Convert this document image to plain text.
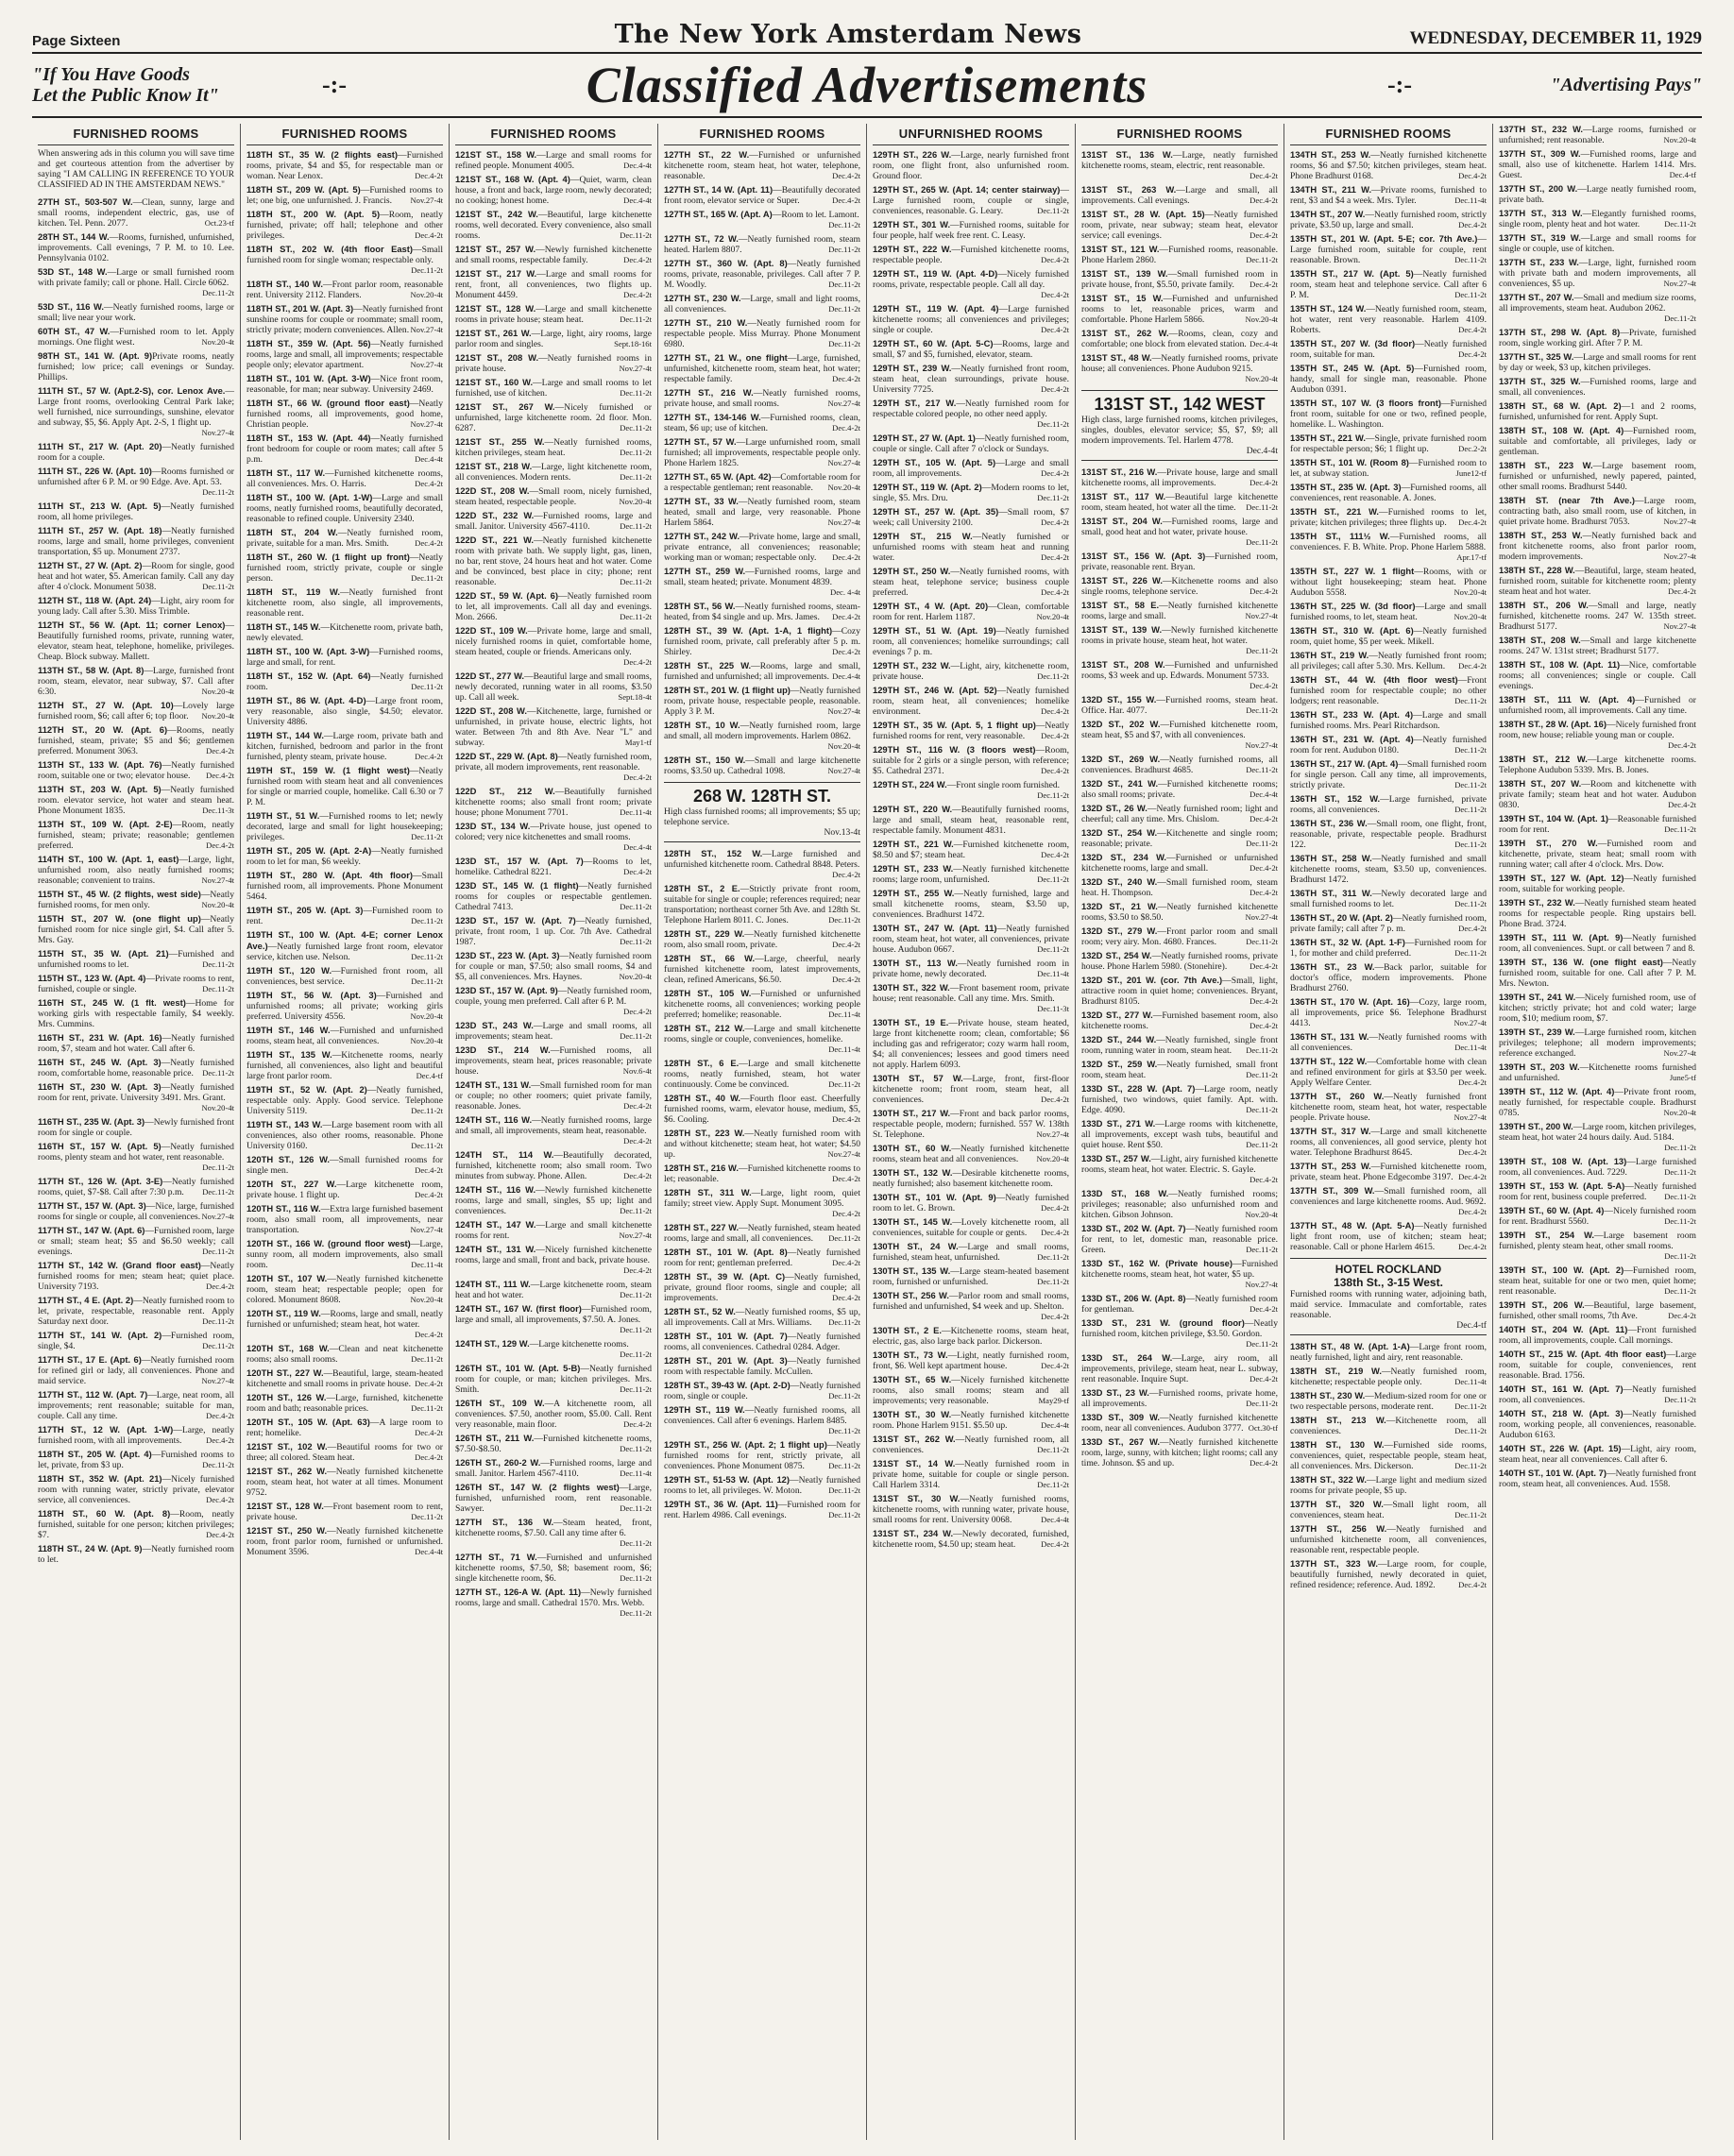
Page Sixteen	The New York Amsterdam News	WEDNESDAY, DECEMBER 11, 1929
"If You Have Goods
Let the Public Know It"	-:-	Classified Advertisements	-:-	"Advertising Pays"
FURNISHED ROOMS
When answering ads in this column you will save time and get courteous attention from the advertiser by saying "I AM CALLING IN REFERENCE TO YOUR CLASSIFIED AD IN THE AMSTERDAM NEWS."

27TH ST., 503-507 W.—Clean, sunny, large and small rooms, independent electric, gas, use of kitchen. Tel. Penn. 2077.	Oct.23-tf

28TH ST., 144 W.—Rooms, furnished, unfurnished, improvements. Call evenings, 7 P. M. to 10. Lee. Pennsylvania 0102.

53D ST., 148 W.—Large or small furnished room with private family; call or phone. Hall. Circle 6062.
Dec.11-2t

53D ST., 116 W.—Neatly furnished rooms, large or small; live near your work.

60TH ST., 47 W.—Furnished room to let. Apply mornings. One flight west.	Nov.20-4t

98TH ST., 141 W. (Apt. 9)Private rooms, neatly furnished; low price; call evenings or Sunday. Phillips.

111TH ST., 57 W. (Apt.2-S), cor. Lenox Ave.—Large front rooms, overlooking Central Park lake; well furnished, nice surroundings, sunshine, elevator and subway, $5, $6. Apply Apt. 2-S, 1 flight up.
Nov.27-4t

111TH ST., 217 W. (Apt. 20)—Neatly furnished room for a couple.

111TH ST., 226 W. (Apt. 10)—Rooms furnished or unfurnished after 6 P. M. or 90 Edge. Ave. Apt. 53.
Dec.11-2t

111TH ST., 213 W. (Apt. 5)—Neatly furnished room, all home privileges.

111TH ST., 257 W. (Apt. 18)—Neatly furnished rooms, large and small, home privileges, convenient transportation, $5 up. Monument 2737.

112TH ST., 27 W. (Apt. 2)—Room for single, good heat and hot water, $5. American family. Call any day after 4 o'clock. Monument 5038.	Dec.11-2t

112TH ST., 118 W. (Apt. 24)—Light, airy room for young lady. Call after 5.30. Miss Trimble.

112TH ST., 56 W. (Apt. 11; corner Lenox)—Beautifully furnished rooms, private, running water, elevator, steam heat, telephone, homelike, privileges. Cheap. Block subway. Mallett.

113TH ST., 58 W. (Apt. 8)—Large, furnished front room, steam, elevator, near subway, $7. Call after 6:30.	Nov.20-4t

112TH ST., 27 W. (Apt. 10)—Lovely large furnished room, $6; call after 6; top floor. Nov.20-4t

112TH ST., 20 W. (Apt. 6)—Rooms, neatly furnished, steam, private; $5 and $6; gentlemen preferred. Monument 3063.	Dec.4-2t

113TH ST., 133 W. (Apt. 76)—Neatly furnished room, suitable one or two; elevator house. Dec.4-2t

113TH ST., 203 W. (Apt. 5)—Neatly furnished room. elevator service, hot water and steam heat. Phone Monument 1835.	Dec.11-3t

113TH ST., 109 W. (Apt. 2-E)—Room, neatly furnished, steam; private; reasonable; gentlemen preferred.	Dec.4-2t

114TH ST., 100 W. (Apt. 1, east)—Large, light, unfurnished room, also neatly furnished rooms; reasonable; convenient to trains.	Nov.27-4t

115TH ST., 45 W. (2 flights, west side)—Neatly furnished rooms, for men only.	Nov.20-4t

115TH ST., 207 W. (one flight up)—Neatly furnished room for nice single girl, $4. Call after 5. Mrs. Gay.

115TH ST., 35 W. (Apt. 21)—Furnished and unfurnished rooms to let.	Dec.11-2t

115TH ST., 123 W. (Apt. 4)—Private rooms to rent, furnished, couple or single.	Dec.11-2t

116TH ST., 245 W. (1 flt. west)—Home for working girls with respectable family, $4 weekly. Mrs. Cummins.

116TH ST., 231 W. (Apt. 16)—Neatly furnished room, $7, steam and hot water. Call after 6.

116TH ST., 245 W. (Apt. 3)—Neatly furnished room, comfortable home, reasonable price. Dec.11-2t

116TH ST., 230 W. (Apt. 3)—Neatly furnished room for rent, private. University 3491. Mrs. Grant.
Nov.20-4t

116TH ST., 235 W. (Apt. 3)—Newly furnished front room for single or couple.

116TH ST., 157 W. (Apt. 5)—Neatly furnished rooms, plenty steam and hot water, rent reasonable.
Dec.11-2t

117TH ST., 126 W. (Apt. 3-E)—Neatly furnished rooms, quiet, $7-$8. Call after 7:30 p.m. Dec.11-2t

117TH ST., 157 W. (Apt. 3)—Nice, large, furnished rooms for single or couple, all conveniences. Nov.27-4t

117TH ST., 147 W. (Apt. 6)—Furnished room, large or small; steam heat; $5 and $6.50 weekly; call evenings.	Dec.11-2t

117TH ST., 142 W. (Grand floor east)—Neatly furnished rooms for men; steam heat; quiet place. University 7193.	Dec.4-2t

117TH ST., 4 E. (Apt. 2)—Neatly furnished room to let, private, respectable, reasonable rent. Apply Saturday next door.	Dec.11-2t

117TH ST., 141 W. (Apt. 2)—Furnished room, single, $4.	Dec.11-2t

117TH ST., 17 E. (Apt. 6)—Neatly furnished room for refined girl or lady, all conveniences. Phone and maid service.	Nov.27-4t

117TH ST., 112 W. (Apt. 7)—Large, neat room, all improvements; rent reasonable; suitable for man, couple. Call any time.	Dec.4-2t

117TH ST., 12 W. (Apt. 1-W)—Large, neatly furnished room, with all improvements.	Dec.4-2t

118TH ST., 205 W. (Apt. 4)—Furnished rooms to let, private, from $3 up.	Dec.11-2t

118TH ST., 352 W. (Apt. 21)—Nicely furnished room with running water, strictly private, elevator service, all conveniences.	Dec.4-2t

118TH ST., 60 W. (Apt. 8)—Room, neatly furnished, suitable for one person; kitchen privileges; $7.	Dec.4-2t

118TH ST., 24 W. (Apt. 9)—Neatly furnished room to let.

FURNISHED ROOMS

118TH ST., 35 W. (2 flights east)—Furnished rooms, private, $4 and $5, for respectable man or woman. Near Lenox.	Dec.4-2t

118TH ST., 209 W. (Apt. 5)—Furnished rooms to let; one big, one unfurnished. J. Francis. Nov.27-4t

118TH ST., 200 W. (Apt. 5)—Room, neatly furnished, private; off hall; telephone and other privileges.	Dec.4-2t

118TH ST., 202 W. (4th floor East)—Small furnished room for single woman; respectable only.
Dec.11-2t

118TH ST., 140 W.—Front parlor room, reasonable rent. University 2112. Flanders.	Nov.20-4t

118TH ST., 201 W. (Apt. 3)—Neatly furnished front sunshine rooms for couple or roommate; small room, strictly private; modern conveniences. Allen. Nov.27-4t

118TH ST., 359 W. (Apt. 56)—Neatly furnished rooms, large and small, all improvements; respectable people only; elevator apartment.	Nov.27-4t

118TH ST., 101 W. (Apt. 3-W)—Nice front room, reasonable, for man; near subway. University 2469.

118TH ST., 66 W. (ground floor east)—Neatly furnished rooms, all improvements, good home, Christian people.	Nov.27-4t

118TH ST., 153 W. (Apt. 44)—Neatly furnished front bedroom for couple or room mates; call after 5 p.m.	Dec.4-4t

118TH ST., 117 W.—Furnished kitchenette rooms, all conveniences. Mrs. O. Harris.	Dec.4-2t

118TH ST., 100 W. (Apt. 1-W)—Large and small rooms, neatly furnished rooms, beautifully decorated, reasonable to refined couple. University 2340.

118TH ST., 204 W.—Neatly furnished room, private, suitable for a man. Mrs. Smith.	Dec.4-2t

118TH ST., 260 W. (1 flight up front)—Neatly furnished room, strictly private, couple or single person.	Dec.11-2t

118TH ST., 119 W.—Neatly furnished front kitchenette room, also single, all improvements, reasonable rent.

118TH ST., 145 W.—Kitchenette room, private bath, newly elevated.

118TH ST., 100 W. (Apt. 3-W)—Furnished rooms, large and small, for rent.

118TH ST., 152 W. (Apt. 64)—Neatly furnished room.	Dec.11-2t

119TH ST., 86 W. (Apt. 4-D)—Large front room, very reasonable, also single, $4.50; elevator. University 4886.

119TH ST., 144 W.—Large room, private bath and kitchen, furnished, bedroom and parlor in the front furnished, plenty steam, private house.	Dec.4-2t

119TH ST., 159 W. (1 flight west)—Neatly furnished room with steam heat and all conveniences for single or married couple, homelike. Call 6.30 or 7 P. M.

119TH ST., 51 W.—Furnished rooms to let; newly decorated, large and small for light housekeeping; privileges.	Dec.11-2t

119TH ST., 205 W. (Apt. 2-A)—Neatly furnished room to let for man, $6 weekly.

119TH ST., 280 W. (Apt. 4th floor)—Small furnished room, all improvements. Phone Monument 5464.

119TH ST., 205 W. (Apt. 3)—Furnished room to rent.	Dec.11-2t

119TH ST., 100 W. (Apt. 4-E; corner Lenox Ave.)—Neatly furnished large front room, elevator service, kitchen use. Nelson.	Dec.11-2t

119TH ST., 120 W.—Furnished front room, all conveniences, best service.	Dec.11-2t

119TH ST., 56 W. (Apt. 3)—Furnished and unfurnished rooms; all private; working girls preferred. University 4556.	Nov.20-4t

119TH ST., 146 W.—Furnished and unfurnished rooms, steam heat, all conveniences.	Nov.20-4t

119TH ST., 135 W.—Kitchenette rooms, nearly furnished, all conveniences, also light and beautiful large front parlor room.	Dec.4-tf

119TH ST., 52 W. (Apt. 2)—Neatly furnished, respectable only. Apply. Good service. Telephone University 5119.	Dec.11-2t

119TH ST., 143 W.—Large basement room with all conveniences, also other rooms, reasonable. Phone University 0160.	Dec.11-2t

120TH ST., 126 W.—Small furnished rooms for single men.	Dec.4-2t

120TH ST., 227 W.—Large kitchenette room, private house. 1 flight up.	Dec.4-2t

120TH ST., 116 W.—Extra large furnished basement room, also small room, all improvements, near transportation.	Nov.27-4t

120TH ST., 166 W. (ground floor west)—Large, sunny room, all modern improvements, also small room.	Dec.11-4t

120TH ST., 107 W.—Neatly furnished kitchenette room, steam heat; respectable people; open for colored. Monument 8608.	Nov.20-4t

120TH ST., 119 W.—Rooms, large and small, neatly furnished or unfurnished; steam heat, hot water.
Dec.4-2t

120TH ST., 168 W.—Clean and neat kitchenette rooms; also small rooms.	Dec.11-2t

120TH ST., 227 W.—Beautiful, large, steam-heated kitchenette and small rooms in private house. Dec.4-2t

120TH ST., 126 W.—Large, furnished, kitchenette room and bath; reasonable prices.	Dec.11-2t

120TH ST., 105 W. (Apt. 63)—A large room to rent; homelike.	Dec.4-2t

121ST ST., 102 W.—Beautiful rooms for two or three; all colored. Steam heat.	Dec.4-2t

121ST ST., 262 W.—Neatly furnished kitchenette room, steam heat, hot water at all times. Monument 9752.

121ST ST., 128 W.—Front basement room to rent, private house.	Dec.11-2t

121ST ST., 250 W.—Neatly furnished kitchenette room, front parlor room, furnished or unfurnished. Monument 3596.	Dec.4-4t

FURNISHED ROOMS

121ST ST., 158 W.—Large and small rooms for refined people. Monument 4005.	Dec.4-4t

121ST ST., 168 W. (Apt. 4)—Quiet, warm, clean house, a front and back, large room, newly decorated; no cooking; honest home.	Dec.4-4t

121ST ST., 242 W.—Beautiful, large kitchenette rooms, well decorated. Every convenience, also small rooms.	Dec.11-2t

121ST ST., 257 W.—Newly furnished kitchenette and small rooms, respectable family.	Dec.4-2t

121ST ST., 217 W.—Large and small rooms for rent, front, all conveniences, two flights up. Monument 4459.	Dec.4-2t

121ST ST., 128 W.—Large and small kitchenette rooms in private house; steam heat.	Dec.11-2t

121ST ST., 261 W.—Large, light, airy rooms, large parlor room and singles.	Sept.18-16t

121ST ST., 208 W.—Neatly furnished rooms in private house.	Nov.27-4t

121ST ST., 160 W.—Large and small rooms to let furnished, use of kitchen.	Dec.11-2t

121ST ST., 267 W.—Nicely furnished or unfurnished, large kitchenette room. 2d floor. Mon. 6287.	Dec.11-2t

121ST ST., 255 W.—Neatly furnished rooms, kitchen privileges, steam heat.	Dec.11-2t

121ST ST., 218 W.—Large, light kitchenette room, all conveniences. Modern rents.	Dec.11-2t

122D ST., 208 W.—Small room, nicely furnished, steam heated, respectable people.	Nov.20-4t

122D ST., 232 W.—Furnished rooms, large and small. Janitor. University 4567-4110.	Dec.11-2t

122D ST., 221 W.—Neatly furnished kitchenette room with private bath. We supply light, gas, linen, no bar, rent stove, 24 hours heat and hot water. Come and be convinced, best place in city; phone; rent reasonable.	Dec.11-2t

122D ST., 59 W. (Apt. 6)—Neatly furnished room to let, all improvements. Call all day and evenings. Mon. 2666.	Dec.11-2t

122D ST., 109 W.—Private home, large and small, nicely furnished rooms in quiet, comfortable home, steam heated, couple or friends. Americans only.
Dec.4-2t

122D ST., 277 W.—Beautiful large and small rooms, newly decorated, running water in all rooms, $3.50 up. Call all week.	Sept.18-4t

122D ST., 208 W.—Kitchenette, large, furnished or unfurnished, in private house, electric lights, hot water. Between 7th and 8th Ave. Near "L" and subway.	May1-tf

122D ST., 229 W. (Apt. 8)—Neatly furnished room, private, all modern improvements, rent reasonable.
Dec.4-2t

122D ST., 212 W.—Beautifully furnished kitchenette rooms; also small front room; private house; phone Monument 7701.	Dec.11-4t

123D ST., 134 W.—Private house, just opened to colored; very nice kitchenettes and small rooms.
Dec.4-4t

123D ST., 157 W. (Apt. 7)—Rooms to let, homelike. Cathedral 8221.	Dec.4-2t

123D ST., 145 W. (1 flight)—Neatly furnished rooms for couples or respectable gentlemen. Cathedral 7413.	Dec.11-2t

123D ST., 157 W. (Apt. 7)—Neatly furnished, private, front room, 1 up. Cor. 7th Ave. Cathedral 1987.	Dec.11-2t

123D ST., 223 W. (Apt. 3)—Neatly furnished room for couple or man, $7.50; also small rooms, $4 and $5, all conveniences. Mrs. Haynes.	Nov.20-4t

123D ST., 157 W. (Apt. 9)—Neatly furnished room, couple, young men preferred. Call after 6 P. M.
Dec.4-2t

123D ST., 243 W.—Large and small rooms, all improvements; steam heat.	Dec.11-2t

123D ST., 214 W.—Furnished rooms, all improvements, steam heat, prices reasonable; private house.	Nov.6-4t

124TH ST., 131 W.—Small furnished room for man or couple; no other roomers; quiet private family, reasonable. Jones.	Dec.4-2t

124TH ST., 116 W.—Neatly furnished rooms, large and small, all improvements, steam heat, reasonable.
Dec.4-2t

124TH ST., 114 W.—Beautifully decorated, furnished, kitchenette room; also small room. Two minutes from subway. Phone. Allen.	Dec.4-2t

124TH ST., 116 W.—Newly furnished kitchenette rooms, large and small, singles, $5 up; light and conveniences.	Dec.11-2t

124TH ST., 147 W.—Large and small kitchenette rooms for rent.	Nov.27-4t

124TH ST., 131 W.—Nicely furnished kitchenette rooms, large and small, front and back, private house.
Dec.4-2t

124TH ST., 111 W.—Large kitchenette room, steam heat and hot water.	Dec.11-2t

124TH ST., 167 W. (first floor)—Furnished room, large and small, all improvements, $7.50. A. Jones.
Dec.11-2t

124TH ST., 129 W.—Large kitchenette rooms.
Dec.11-2t

126TH ST., 101 W. (Apt. 5-B)—Neatly furnished room for couple, or man; kitchen privileges. Mrs. Smith.	Dec.11-2t

126TH ST., 109 W.—A kitchenette room, all conveniences. $7.50, another room, $5.00. Call. Rent very reasonable, main floor.	Dec.4-2t

126TH ST., 211 W.—Furnished kitchenette rooms, $7.50-$8.50.	Dec.11-2t

126TH ST., 260-2 W.—Furnished rooms, large and small. Janitor. Harlem 4567-4110.	Dec.11-4t

126TH ST., 147 W. (2 flights west)—Large, furnished, unfurnished room, rent reasonable. Sawyer.	Dec.11-2t

127TH ST., 136 W.—Steam heated, front, kitchenette rooms, $7.50. Call any time after 6.
Dec.11-2t

127TH ST., 71 W.—Furnished and unfurnished kitchenette rooms, $7.50, $8; basement room, $6; single kitchenette room, $6.	Dec.11-2t

127TH ST., 126-A W. (Apt. 11)—Newly furnished rooms, large and small. Cathedral 1570. Mrs. Webb.
Dec.11-2t

FURNISHED ROOMS

127TH ST., 22 W.—Furnished or unfurnished kitchenette room, steam heat, hot water, telephone, reasonable.	Dec.4-2t

127TH ST., 14 W. (Apt. 11)—Beautifully decorated front room, elevator service or Super.	Dec.4-2t

127TH ST., 165 W. (Apt. A)—Room to let. Lamont.
Dec.11-2t

127TH ST., 72 W.—Neatly furnished room, steam heated. Harlem 8807.	Dec.11-2t

127TH ST., 360 W. (Apt. 8)—Neatly furnished rooms, private, reasonable, privileges. Call after 7 P. M. Woodly.	Dec.11-2t

127TH ST., 230 W.—Large, small and light rooms, all conveniences.	Dec.11-2t

127TH ST., 210 W.—Neatly furnished room for respectable people. Miss Murray. Phone Monument 6980.	Dec.11-2t

127TH ST., 21 W., one flight—Large, furnished, unfurnished, kitchenette room, steam heat, hot water; respectable family.	Dec.4-2t

127TH ST., 216 W.—Neatly furnished rooms, private house, and small rooms.	Nov.27-4t

127TH ST., 134-146 W.—Furnished rooms, clean, steam, $6 up; use of kitchen.	Dec.4-2t

127TH ST., 57 W.—Large unfurnished room, small furnished; all improvements, respectable people only. Phone Harlem 1825.	Nov.27-4t

127TH ST., 65 W. (Apt. 42)—Comfortable room for a respectable gentleman; rent reasonable. Nov.20-4t

127TH ST., 33 W.—Neatly furnished room, steam heated, small and large, very reasonable. Phone Harlem 5864.	Nov.27-4t

127TH ST., 242 W.—Private home, large and small, private entrance, all conveniences; reasonable; working man or woman; respectable only. Dec.4-2t

127TH ST., 259 W.—Furnished rooms, large and small, steam heated; private. Monument 4839.
Dec. 4-4t

128TH ST., 56 W.—Neatly furnished rooms, steam-heated, from $4 single and up. Mrs. James. Dec.4-2t

128TH ST., 39 W. (Apt. 1-A, 1 flight)—Cozy furnished room, private, call preferably after 5 p. m. Shirley.	Dec.4-2t

128TH ST., 225 W.—Rooms, large and small, furnished and unfurnished; all improvements. Dec.4-4t

128TH ST., 201 W. (1 flight up)—Neatly furnished room, private house, respectable people, reasonable. Apply 3 P. M.	Nov.27-4t

128TH ST., 10 W.—Neatly furnished room, large and small, all modern improvements. Harlem 0862.
Nov.20-4t

128TH ST., 150 W.—Small and large kitchenette rooms, $3.50 up. Cathedral 1098.	Nov.27-4t

268 W. 128TH ST.
High class furnished rooms; all improvements; $5 up; telephone service.
Nov.13-4t

128TH ST., 152 W.—Large furnished and unfurnished kitchenette room. Cathedral 8848. Peters.
Dec.4-2t

128TH ST., 2 E.—Strictly private front room, suitable for single or couple; references required; near transportation; northeast corner 5th Ave. and 128th St. Telephone Harlem 8011. C. Jones.	Dec.11-2t

128TH ST., 229 W.—Neatly furnished kitchenette room, also small room, private.	Dec.4-2t

128TH ST., 66 W.—Large, cheerful, nearly furnished kitchenette room, latest improvements, clean, refined Americans, $6.50.	Dec.4-2t

128TH ST., 105 W.—Furnished or unfurnished kitchenette rooms, all conveniences; working people preferred; homelike; reasonable.	Dec.11-4t

128TH ST., 212 W.—Large and small kitchenette rooms, single or couple, conveniences, homelike.
Dec.11-4t

128TH ST., 6 E.—Large and small kitchenette rooms, neatly furnished, steam, hot water continuously. Come be convinced.	Dec.11-2t

128TH ST., 40 W.—Fourth floor east. Cheerfully furnished rooms, warm, elevator house, medium, $5, $6. Cooling.	Dec.4-2t

128TH ST., 223 W.—Neatly furnished room with and without kitchenette; steam heat, hot water; $4.50 up.	Nov.27-4t

128TH ST., 216 W.—Furnished kitchenette rooms to let; reasonable.	Dec.4-2t

128TH ST., 311 W.—Large, light room, quiet family; street view. Apply Supt. Monument 3095.
Dec.4-2t

128TH ST., 227 W.—Neatly furnished, steam heated rooms, large and small, all conveniences. Dec.11-2t

128TH ST., 101 W. (Apt. 8)—Neatly furnished room for rent; gentleman preferred.	Dec.4-2t

128TH ST., 39 W. (Apt. C)—Neatly furnished, private, ground floor rooms, single and couple; all improvements.	Dec.4-2t

128TH ST., 52 W.—Neatly furnished rooms, $5 up, all improvements. Call at Mrs. Williams. Dec.11-2t

128TH ST., 101 W. (Apt. 7)—Neatly furnished rooms, all conveniences. Cathedral 0284. Adger.

128TH ST., 201 W. (Apt. 3)—Neatly furnished room with respectable family. McCullen.

128TH ST., 39-43 W. (Apt. 2-D)—Neatly furnished room, single or couple.	Dec.11-2t

129TH ST., 119 W.—Neatly furnished rooms, all conveniences. Call after 6 evenings. Harlem 8485.
Dec.11-2t

129TH ST., 256 W. (Apt. 2; 1 flight up)—Neatly furnished rooms for rent, strictly private, all conveniences. Phone Monument 0875.	Dec.11-2t

129TH ST., 51-53 W. (Apt. 12)—Neatly furnished rooms to let, all privileges. W. Moton.	Dec.11-2t

129TH ST., 36 W. (Apt. 11)—Furnished room for rent. Harlem 4986. Call evenings.	Dec.11-2t

UNFURNISHED ROOMS

129TH ST., 226 W.—Large, nearly furnished front room, one flight front, also unfurnished room. Ground floor.

129TH ST., 265 W. (Apt. 14; center stairway)—Large furnished room, couple or single, conveniences, reasonable. G. Leary.	Dec.11-2t

129TH ST., 301 W.—Furnished rooms, suitable for four people, half week free rent. C. Leasy.

129TH ST., 222 W.—Furnished kitchenette rooms, respectable people.	Dec.4-2t

129TH ST., 119 W. (Apt. 4-D)—Nicely furnished rooms, private, respectable people. Call all day.
Dec.4-2t

129TH ST., 119 W. (Apt. 4)—Large furnished kitchenette rooms; all conveniences and privileges; single or couple.	Dec.4-2t

129TH ST., 60 W. (Apt. 5-C)—Rooms, large and small, $7 and $5, furnished, elevator, steam.

129TH ST., 239 W.—Neatly furnished front room, steam heat, clean surroundings, private house. University 7725.	Dec.4-2t

129TH ST., 217 W.—Neatly furnished room for respectable colored people, no other need apply.
Dec.11-2t

129TH ST., 27 W. (Apt. 1)—Neatly furnished room, couple or single. Call after 7 o'clock or Sundays.

129TH ST., 105 W. (Apt. 5)—Large and small room, all improvements.	Dec.4-2t

129TH ST., 119 W. (Apt. 2)—Modern rooms to let, single, $5. Mrs. Dru.	Dec.11-2t

129TH ST., 257 W. (Apt. 35)—Small room, $7 week; call University 2100.	Dec.4-2t

129TH ST., 215 W.—Neatly furnished or unfurnished rooms with steam heat and running water.	Dec.4-2t

129TH ST., 250 W.—Neatly furnished rooms, with steam heat, telephone service; business couple preferred.	Dec.4-2t

129TH ST., 4 W. (Apt. 20)—Clean, comfortable room for rent. Harlem 1187.	Nov.20-4t

129TH ST., 51 W. (Apt. 19)—Neatly furnished room, all conveniences; homelike surroundings; call evenings 7 p. m.

129TH ST., 232 W.—Light, airy, kitchenette room, private house.	Dec.11-2t

129TH ST., 246 W. (Apt. 52)—Neatly furnished room, steam heat, all conveniences; homelike environment.	Dec.4-2t

129TH ST., 35 W. (Apt. 5, 1 flight up)—Neatly furnished rooms for rent, very reasonable. Dec.4-2t

129TH ST., 116 W. (3 floors west)—Room, suitable for 2 girls or a single person, with reference; $5. Cathedral 2371.	Dec.4-2t

129TH ST., 224 W.—Front single room furnished.
Dec.11-2t

129TH ST., 220 W.—Beautifully furnished rooms, large and small, steam heat, reasonable rent, respectable family. Monument 4831.

129TH ST., 221 W.—Furnished kitchenette room, $8.50 and $7; steam heat.	Dec.4-2t

129TH ST., 233 W.—Neatly furnished kitchenette rooms; large room, unfurnished.	Dec.11-2t

129TH ST., 255 W.—Neatly furnished, large and small kitchenette rooms, steam, $3.50 up, conveniences. Bradhurst 1472.

130TH ST., 247 W. (Apt. 11)—Neatly furnished room, steam heat, hot water, all conveniences, private house. Audubon 0667.	Dec.11-2t

130TH ST., 113 W.—Neatly furnished room in private home, newly decorated.	Dec.11-4t

130TH ST., 322 W.—Front basement room, private house; rent reasonable. Call any time. Mrs. Smith.
Dec.11-3t

130TH ST., 19 E.—Private house, steam heated, large front kitchenette room; clean, comfortable; $6 including gas and refrigerator; cozy warm hall room, $4; all conveniences; lessees and good timers need not apply. Harlem 6093.

130TH ST., 57 W.—Large, front, first-floor kitchenette room; front room, steam heat, all conveniences.	Dec.4-2t

130TH ST., 217 W.—Front and back parlor rooms, respectable people, modern; furnished. 557 W. 138th St. Telephone.	Nov.27-4t

130TH ST., 60 W.—Neatly furnished kitchenette rooms, steam heat and all conveniences. Nov.20-4t

130TH ST., 132 W.—Desirable kitchenette rooms, neatly furnished; also basement kitchenette room.

130TH ST., 101 W. (Apt. 9)—Neatly furnished room to let. G. Brown.	Dec.4-2t

130TH ST., 145 W.—Lovely kitchenette room, all conveniences, suitable for couple or gents. Dec.4-2t

130TH ST., 24 W.—Large and small rooms, furnished, steam heat, unfurnished.	Dec.11-2t

130TH ST., 135 W.—Large steam-heated basement room, furnished or unfurnished.	Dec.11-2t

130TH ST., 256 W.—Parlor room and small rooms, furnished and unfurnished, $4 week and up. Shelton.
Dec.4-2t

130TH ST., 2 E.—Kitchenette rooms, steam heat, electric, gas, also large back parlor. Dickerson.

130TH ST., 73 W.—Light, neatly furnished room, front, $6. Well kept apartment house.	Dec.4-2t

130TH ST., 65 W.—Nicely furnished kitchenette rooms, also small rooms; steam and all improvements; very reasonable.	May29-tf

130TH ST., 30 W.—Neatly furnished kitchenette room. Phone Harlem 9151. $5.50 up.	Dec.4-4t

131ST ST., 262 W.—Neatly furnished room, all conveniences.	Dec.11-2t

131ST ST., 14 W.—Neatly furnished room in private home, suitable for couple or single person. Call Harlem 3314.	Dec.11-2t

131ST ST., 30 W.—Neatly furnished rooms, kitchenette rooms, with running water, private house, small rooms for rent. University 0068.	Dec.4-4t

131ST ST., 234 W.—Newly decorated, furnished, kitchenette room, $4.50 up; steam heat.	Dec.4-2t

FURNISHED ROOMS

131ST ST., 136 W.—Large, neatly furnished kitchenette rooms, steam, electric, rent reasonable.
Dec.4-2t

131ST ST., 263 W.—Large and small, all improvements. Call evenings.	Dec.4-2t

131ST ST., 28 W. (Apt. 15)—Neatly furnished room, private, near subway; steam heat, elevator service; call evenings.	Dec.4-2t

131ST ST., 121 W.—Furnished rooms, reasonable. Phone Harlem 2860.	Dec.11-2t

131ST ST., 139 W.—Small furnished room in private house, front, $5.50, private family. Dec.4-2t

131ST ST., 15 W.—Furnished and unfurnished rooms to let, reasonable prices, warm and comfortable. Phone Harlem 5866.	Nov.20-4t

131ST ST., 262 W.—Rooms, clean, cozy and comfortable; one block from elevated station. Dec.4-4t

131ST ST., 48 W.—Neatly furnished rooms, private house; all conveniences. Phone Audubon 9215.
Nov.20-4t

131ST ST., 142 WEST
High class, large furnished rooms, kitchen privileges, singles, doubles, elevator service; $5, $7, $9; all modern improvements. Tel. Harlem 4778.
Dec.4-4t

131ST ST., 216 W.—Private house, large and small kitchenette rooms, all improvements.	Dec.4-2t

131ST ST., 117 W.—Beautiful large kitchenette room, steam heated, hot water all the time. Dec.11-2t

131ST ST., 204 W.—Furnished rooms, large and small, good heat and hot water, private house.
Dec.11-2t

131ST ST., 156 W. (Apt. 3)—Furnished room, private, reasonable rent. Bryan.

131ST ST., 226 W.—Kitchenette rooms and also single rooms, telephone service.	Dec.4-2t

131ST ST., 58 E.—Neatly furnished kitchenette rooms, large and small.	Nov.27-4t

131ST ST., 139 W.—Newly furnished kitchenette rooms in private house, steam heat, hot water.
Dec.11-2t

131ST ST., 208 W.—Furnished and unfurnished rooms, $3 week and up. Edwards. Monument 5733.
Dec.4-2t

132D ST., 155 W.—Furnished rooms, steam heat. Office. Har. 4077.	Dec.11-2t

132D ST., 202 W.—Furnished kitchenette room, steam heat, $5 and $7, with all conveniences.
Nov.27-4t

132D ST., 269 W.—Neatly furnished rooms, all conveniences. Bradhurst 4685.	Dec.11-2t

132D ST., 241 W.—Furnished kitchenette rooms; also small rooms; private.	Dec.4-4t

132D ST., 26 W.—Neatly furnished room; light and cheerful; call any time. Mrs. Chislom.	Dec.4-2t

132D ST., 254 W.—Kitchenette and single room; reasonable; private.	Dec.11-2t

132D ST., 234 W.—Furnished or unfurnished kitchenette rooms, large and small.	Dec.4-2t

132D ST., 240 W.—Small furnished room, steam heat. H. Thompson.	Dec.4-2t

132D ST., 21 W.—Neatly furnished kitchenette rooms, $3.50 to $8.50.	Nov.27-4t

132D ST., 279 W.—Front parlor room and small room; very airy. Mon. 4680. Frances.	Dec.11-2t

132D ST., 254 W.—Neatly furnished rooms, private house. Phone Harlem 5980. (Stonehire).	Dec.4-2t

132D ST., 201 W. (cor. 7th Ave.)—Small, light, attractive room in quiet home; conveniences. Bryant, Bradhurst 8105.	Dec.4-2t

132D ST., 277 W.—Furnished basement room, also kitchenette rooms.	Dec.4-2t

132D ST., 244 W.—Neatly furnished, single front room, running water in room, steam heat. Dec.11-2t

132D ST., 259 W.—Neatly furnished, small front room, steam heat.	Dec.11-2t

133D ST., 228 W. (Apt. 7)—Large room, neatly furnished, two windows, quiet family. Apt. with. Edge. 4090.	Dec.11-2t

133D ST., 271 W.—Large rooms with kitchenette, all improvements, except wash tubs, beautiful and quiet house. Rent $50.	Dec.11-2t

133D ST., 257 W.—Light, airy furnished kitchenette rooms, steam heat, hot water. Electric. S. Gayle.
Dec.4-2t

133D ST., 168 W.—Neatly furnished rooms; privileges; reasonable; also unfurnished room and kitchen. Gibson Johnson.	Nov.20-4t

133D ST., 202 W. (Apt. 7)—Neatly furnished room for rent, to let, domestic man, reasonable price. Green.	Dec.11-2t

133D ST., 162 W. (Private house)—Furnished kitchenette rooms, steam heat, hot water, $5 up.
Nov.27-4t

133D ST., 206 W. (Apt. 8)—Neatly furnished room for gentleman.	Dec.4-2t

133D ST., 231 W. (ground floor)—Neatly furnished room, kitchen privilege, $3.50. Gordon.
Dec.11-2t

133D ST., 264 W.—Large, airy room, all improvements, privilege, steam heat, near L. subway, rent reasonable. Inquire Supt.	Dec.4-2t

133D ST., 23 W.—Furnished rooms, private home, all improvements.	Dec.11-2t

133D ST., 309 W.—Neatly furnished kitchenette room, near all conveniences. Audubon 3777. Oct.30-tf

133D ST., 267 W.—Neatly furnished kitchenette room, large, sunny, with kitchen; light rooms; call any time. Johnson. $5 and up.	Dec.4-2t

FURNISHED ROOMS

134TH ST., 253 W.—Neatly furnished kitchenette rooms, $6 and $7.50; kitchen privileges, steam heat. Phone Bradhurst 0168.	Dec.4-2t

134TH ST., 211 W.—Private rooms, furnished to rent, $3 and $4 a week. Mrs. Tyler.	Dec.11-4t

134TH ST., 207 W.—Neatly furnished room, strictly private, $3.50 up, large and small.	Dec.4-2t

135TH ST., 201 W. (Apt. 5-E; cor. 7th Ave.)—Large furnished room, suitable for couple, rent reasonable. Brown.	Dec.11-2t

135TH ST., 217 W. (Apt. 5)—Neatly furnished room, steam heat and telephone service. Call after 6 P. M.	Dec.11-2t

135TH ST., 124 W.—Neatly furnished room, steam, hot water, rent very reasonable. Harlem 4109. Roberts.	Dec.4-2t

135TH ST., 207 W. (3d floor)—Neatly furnished room, suitable for man.	Dec.4-2t

135TH ST., 245 W. (Apt. 5)—Furnished room, handy, small for single man, reasonable. Phone Audubon 0391.

135TH ST., 107 W. (3 floors front)—Furnished front room, suitable for one or two, refined people, homelike. L. Washington.

135TH ST., 221 W.—Single, private furnished room for respectable person; $6; 1 flight up.	Dec.2-2t

135TH ST., 101 W. (Room 8)—Furnished room to let, at subway station.	June12-tf

135TH ST., 235 W. (Apt. 3)—Furnished rooms, all conveniences, rent reasonable. A. Jones.

135TH ST., 221 W.—Furnished rooms to let, private; kitchen privileges; three flights up. Dec.4-2t

135TH ST., 111½ W.—Furnished rooms, all conveniences. F. B. White. Prop. Phone Harlem 5888.
Apr.17-tf

135TH ST., 227 W. 1 flight—Rooms, with or without light housekeeping; steam heat. Phone Audubon 5558.	Nov.20-4t

136TH ST., 225 W. (3d floor)—Large and small furnished rooms, to let, steam heat.	Nov.20-4t

136TH ST., 310 W. (Apt. 6)—Neatly furnished room, quiet home, $5 per week. Mikell.

136TH ST., 219 W.—Neatly furnished front room; all privileges; call after 5.30. Mrs. Kellum. Dec.4-2t

136TH ST., 44 W. (4th floor west)—Front furnished room for respectable couple; no other lodgers; rent reasonable.	Dec.11-2t

136TH ST., 233 W. (Apt. 4)—Large and small furnished rooms. Mrs. Pearl Ritchardson.

136TH ST., 231 W. (Apt. 4)—Neatly furnished room for rent. Audubon 0180.	Dec.11-2t

136TH ST., 217 W. (Apt. 4)—Small furnished room for single person. Call any time, all improvements, strictly private.	Dec.11-2t

136TH ST., 152 W.—Large furnished, private rooms, all conveniences.	Dec.11-2t

136TH ST., 236 W.—Small room, one flight, front, reasonable, private, respectable people. Bradhurst 122.	Dec.11-2t

136TH ST., 258 W.—Neatly furnished and small kitchenette rooms, steam, $3.50 up, conveniences. Bradhurst 1472.

136TH ST., 311 W.—Newly decorated large and small furnished rooms to let.	Dec.11-2t

136TH ST., 20 W. (Apt. 2)—Neatly furnished room, private family; call after 7 p. m.	Dec.4-2t

136TH ST., 32 W. (Apt. 1-F)—Furnished room for 1, for mother and child preferred.	Dec.11-2t

136TH ST., 23 W.—Back parlor, suitable for doctor's office, modern improvements. Phone Bradhurst 2760.

136TH ST., 170 W. (Apt. 16)—Cozy, large room, all improvements, price $6. Telephone Bradhurst 4413.	Nov.27-4t

136TH ST., 131 W.—Neatly furnished rooms with all conveniences.	Dec.11-4t

137TH ST., 122 W.—Comfortable home with clean and refined environment for girls at $3.50 per week. Apply Welfare Center.	Dec.4-2t

137TH ST., 260 W.—Neatly furnished front kitchenette room, steam heat, hot water, respectable people. Private house.	Nov.27-4t

137TH ST., 317 W.—Large and small kitchenette rooms, all conveniences, all good service, plenty hot water. Telephone Bradhurst 8645.	Dec.4-2t

137TH ST., 253 W.—Furnished kitchenette room, private, steam heat. Phone Edgecombe 3197. Dec.4-2t

137TH ST., 309 W.—Small furnished room, all conveniences and large kitchenette rooms. Aud. 9692.
Dec.4-2t

137TH ST., 48 W. (Apt. 5-A)—Neatly furnished light front room, use of kitchen; steam heat; reasonable. Call or phone Harlem 4615.	Dec.4-2t

HOTEL ROCKLAND
138th St., 3-15 West.
Furnished rooms with running water, adjoining bath, maid service. Immaculate and comfortable, rates reasonable.
Dec.4-tf

138TH ST., 48 W. (Apt. 1-A)—Large front room, neatly furnished, light and airy, rent reasonable.

138TH ST., 219 W.—Neatly furnished room, kitchenette; respectable people only.	Dec.11-4t

138TH ST., 230 W.—Medium-sized room for one or two respectable persons, moderate rent.	Dec.11-2t

138TH ST., 213 W.—Kitchenette room, all conveniences.	Dec.11-2t

138TH ST., 130 W.—Furnished side rooms, conveniences, quiet, respectable people, steam heat, all conveniences. Mrs. Dickerson.	Dec.11-2t

138TH ST., 322 W.—Large light and medium sized rooms for private people, $5 up.

137TH ST., 320 W.—Small light room, all conveniences, steam heat.	Dec.11-2t

137TH ST., 256 W.—Neatly furnished and unfurnished kitchenette room, all conveniences, reasonable rent, respectable people.

137TH ST., 323 W.—Large room, for couple, beautifully furnished, newly decorated in quiet, refined residence; reference. Aud. 1892.	Dec.4-2t

137TH ST., 232 W.—Large rooms, furnished or unfurnished; rent reasonable.	Nov.20-4t

137TH ST., 309 W.—Furnished rooms, large and small, also use of kitchenette. Harlem 1414. Mrs. Guest.	Dec.4-tf

137TH ST., 200 W.—Large neatly furnished room, private bath.

137TH ST., 313 W.—Elegantly furnished rooms, single room, plenty heat and hot water.	Dec.11-2t

137TH ST., 319 W.—Large and small rooms for single or couple, use of kitchen.

137TH ST., 233 W.—Large, light, furnished room with private bath and modern improvements, all conveniences, $5 up.	Nov.27-4t

137TH ST., 207 W.—Small and medium size rooms, all improvements, steam heat. Audubon 2062.
Dec.11-2t

137TH ST., 298 W. (Apt. 8)—Private, furnished room, single working girl. After 7 P. M.

137TH ST., 325 W.—Large and small rooms for rent by day or week, $3 up, kitchen privileges.

137TH ST., 325 W.—Furnished rooms, large and small, all conveniences.

138TH ST., 68 W. (Apt. 2)—1 and 2 rooms, furnished, unfurnished for rent. Apply Supt.

138TH ST., 108 W. (Apt. 4)—Furnished room, suitable and comfortable, all privileges, lady or gentleman.

138TH ST., 223 W.—Large basement room, furnished or unfurnished, newly papered, painted, other small rooms. Bradhurst 5440.

138TH ST. (near 7th Ave.)—Large room, contracting bath, also small room, use of kitchen, in quiet private home. Bradhurst 7053.	Nov.27-4t

138TH ST., 253 W.—Neatly furnished back and front kitchenette rooms, also front parlor room, modern improvements.	Nov.27-4t

138TH ST., 228 W.—Beautiful, large, steam heated, furnished room, suitable for kitchenette room; plenty steam heat and hot water.	Dec.4-2t

138TH ST., 206 W.—Small and large, neatly furnished, kitchenette rooms. 247 W. 135th street. Bradhurst 5177.	Nov.27-4t

138TH ST., 208 W.—Small and large kitchenette rooms. 247 W. 131st street; Bradhurst 5177.

138TH ST., 108 W. (Apt. 11)—Nice, comfortable rooms; all conveniences; single or couple. Call evenings.

138TH ST., 111 W. (Apt. 4)—Furnished or unfurnished room, all improvements. Call any time.

138TH ST., 28 W. (Apt. 16)—Nicely furnished front room, new house; reliable young man or couple.
Dec.4-2t

138TH ST., 212 W.—Large kitchenette rooms. Telephone Audubon 5339. Mrs. B. Jones.

138TH ST., 207 W.—Room and kitchenette with private family; steam heat and hot water. Audubon 0830.	Dec.4-2t

139TH ST., 104 W. (Apt. 1)—Reasonable furnished room for rent.	Dec.11-2t

139TH ST., 270 W.—Furnished room and kitchenette, private, steam heat; small room with running water; call after 4 o'clock. Mrs. Dow.

139TH ST., 127 W. (Apt. 12)—Neatly furnished room, suitable for working people.

139TH ST., 232 W.—Neatly furnished steam heated rooms for respectable people. Ring upstairs bell. Phone Brad. 3724.

139TH ST., 111 W. (Apt. 9)—Neatly furnished room, all conveniences. Supt. or call between 7 and 8.

139TH ST., 136 W. (one flight east)—Neatly furnished room, suitable for one. Call after 7 P. M. Mrs. Newton.

139TH ST., 241 W.—Nicely furnished room, use of kitchen; strictly private; hot and cold water; large room, $10; medium room, $7.

139TH ST., 239 W.—Large furnished room, kitchen privileges; telephone; all modern improvements; reference exchanged.	Nov.27-4t

139TH ST., 203 W.—Kitchenette rooms furnished and unfurnished.	June5-tf

139TH ST., 112 W. (Apt. 4)—Private front room, neatly furnished, for respectable couple. Bradhurst 0785.	Nov.20-4t

139TH ST., 200 W.—Large room, kitchen privileges, steam heat, hot water 24 hours daily. Aud. 5184.
Dec.11-2t

139TH ST., 108 W. (Apt. 13)—Large furnished room, all conveniences. Aud. 7229.	Dec.11-2t

139TH ST., 153 W. (Apt. 5-A)—Neatly furnished room for rent, business couple preferred. Dec.11-2t

139TH ST., 60 W. (Apt. 4)—Nicely furnished room for rent. Bradhurst 5560.	Dec.11-2t

139TH ST., 254 W.—Large basement room furnished, plenty steam heat, other small rooms.
Dec.11-2t

139TH ST., 100 W. (Apt. 2)—Furnished room, steam heat, suitable for one or two men, quiet home; rent reasonable.	Dec.11-2t

139TH ST., 206 W.—Beautiful, large basement, furnished, other small rooms, 7th Ave.	Dec.4-2t

140TH ST., 204 W. (Apt. 11)—Front furnished room, all improvements, couple. Call mornings.

140TH ST., 215 W. (Apt. 4th floor east)—Large room, suitable for couple, conveniences, rent reasonable. Brad. 1756.

140TH ST., 161 W. (Apt. 7)—Neatly furnished room, all conveniences.	Dec.11-2t

140TH ST., 218 W. (Apt. 3)—Neatly furnished room, working people, all conveniences, reasonable. Audubon 6163.

140TH ST., 226 W. (Apt. 15)—Light, airy room, steam heat, near all conveniences. Call after 6.

140TH ST., 101 W. (Apt. 7)—Neatly furnished front room, steam heat, all conveniences. Aud. 1558.
